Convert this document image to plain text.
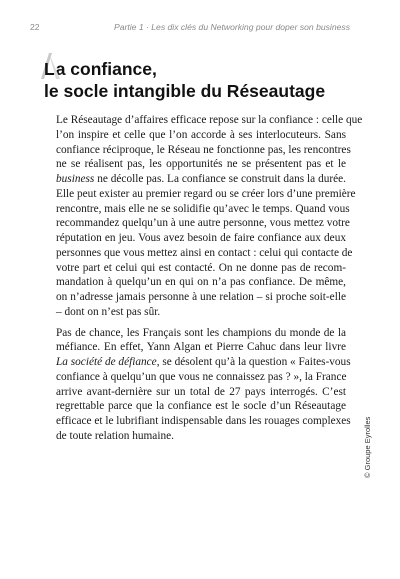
22	Partie 1 · Les dix clés du Networking pour doper son business
La confiance,
le socle intangible du Réseautage

Le Réseautage d’affaires efficace repose sur la confiance : celle que
l’on inspire et celle que l’on accorde à ses interlocuteurs. Sans
confiance réciproque, le Réseau ne fonctionne pas, les rencontres
ne se réalisent pas, les opportunités ne se présentent pas et le
business ne décolle pas. La confiance se construit dans la durée.
Elle peut exister au premier regard ou se créer lors d’une première
rencontre, mais elle ne se solidifie qu’avec le temps. Quand vous
recommandez quelqu’un à une autre personne, vous mettez votre
réputation en jeu. Vous avez besoin de faire confiance aux deux
personnes que vous mettez ainsi en contact : celui qui contacte de
votre part et celui qui est contacté. On ne donne pas de recom-
mandation à quelqu’un en qui on n’a pas confiance. De même,
on n’adresse jamais personne à une relation – si proche soit-elle
– dont on n’est pas sûr.

Pas de chance, les Français sont les champions du monde de la
méfiance. En effet, Yann Algan et Pierre Cahuc dans leur livre
La société de défiance, se désolent qu’à la question « Faites-vous
confiance à quelqu’un que vous ne connaissez pas ? », la France
arrive avant-dernière sur un total de 27 pays interrogés. C’est
regrettable parce que la confiance est le socle d’un Réseautage
efficace et le lubrifiant indispensable dans les rouages complexes
de toute relation humaine.	© Groupe Eyrolles
